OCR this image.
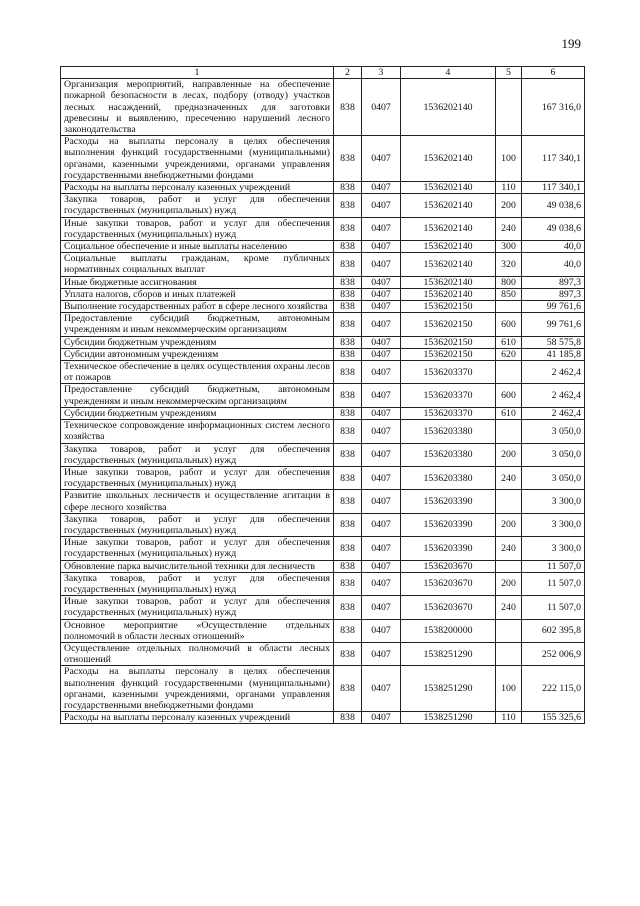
199
1	2	3	4	5	6
Организация мероприятий, направленные на обеспечение пожарной безопасности в лесах, подбору (отводу) участков лесных насаждений, предназначенных для заготовки древесины и выявлению, пресечению нарушений лесного законодательства	838	0407	1536202140		167 316,0
Расходы на выплаты персоналу в целях обеспечения выполнения функций государственными (муниципальными) органами, казенными учреждениями, органами управления государственными внебюджетными фондами	838	0407	1536202140	100	117 340,1
Расходы на выплаты персоналу казенных учреждений	838	0407	1536202140	110	117 340,1
Закупка товаров, работ и услуг для обеспечения государственных (муниципальных) нужд	838	0407	1536202140	200	49 038,6
Иные закупки товаров, работ и услуг для обеспечения государственных (муниципальных) нужд	838	0407	1536202140	240	49 038,6
Социальное обеспечение и иные выплаты населению	838	0407	1536202140	300	40,0
Социальные выплаты гражданам, кроме публичных нормативных социальных выплат	838	0407	1536202140	320	40,0
Иные бюджетные ассигнования	838	0407	1536202140	800	897,3
Уплата налогов, сборов и иных платежей	838	0407	1536202140	850	897,3
Выполнение государственных работ в сфере лесного хозяйства	838	0407	1536202150		99 761,6
Предоставление субсидий бюджетным, автономным учреждениям и иным некоммерческим организациям	838	0407	1536202150	600	99 761,6
Субсидии бюджетным учреждениям	838	0407	1536202150	610	58 575,8
Субсидии автономным учреждениям	838	0407	1536202150	620	41 185,8
Техническое обеспечение в целях осуществления охраны лесов от пожаров	838	0407	1536203370		2 462,4
Предоставление субсидий бюджетным, автономным учреждениям и иным некоммерческим организациям	838	0407	1536203370	600	2 462,4
Субсидии бюджетным учреждениям	838	0407	1536203370	610	2 462,4
Техническое сопровождение информационных систем лесного хозяйства	838	0407	1536203380		3 050,0
Закупка товаров, работ и услуг для обеспечения государственных (муниципальных) нужд	838	0407	1536203380	200	3 050,0
Иные закупки товаров, работ и услуг для обеспечения государственных (муниципальных) нужд	838	0407	1536203380	240	3 050,0
Развитие школьных лесничеств и осуществление агитации в сфере лесного хозяйства	838	0407	1536203390		3 300,0
Закупка товаров, работ и услуг для обеспечения государственных (муниципальных) нужд	838	0407	1536203390	200	3 300,0
Иные закупки товаров, работ и услуг для обеспечения государственных (муниципальных) нужд	838	0407	1536203390	240	3 300,0
Обновление парка вычислительной техники для лесничеств	838	0407	1536203670		11 507,0
Закупка товаров, работ и услуг для обеспечения государственных (муниципальных) нужд	838	0407	1536203670	200	11 507,0
Иные закупки товаров, работ и услуг для обеспечения государственных (муниципальных) нужд	838	0407	1536203670	240	11 507,0
Основное мероприятие «Осуществление отдельных полномочий в области лесных отношений»	838	0407	1538200000		602 395,8
Осуществление отдельных полномочий в области лесных отношений	838	0407	1538251290		252 006,9
Расходы на выплаты персоналу в целях обеспечения выполнения функций государственными (муниципальными) органами, казенными учреждениями, органами управления государственными внебюджетными фондами	838	0407	1538251290	100	222 115,0
Расходы на выплаты персоналу казенных учреждений	838	0407	1538251290	110	155 325,6
